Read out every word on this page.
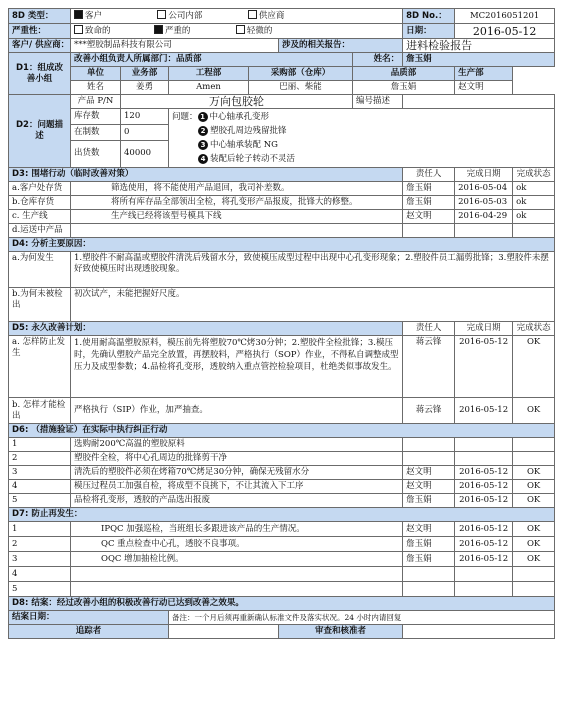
8D 类型：	客户 公司内部 供应商						8D No.：	MC2016051201	
严重性：	致命的 严重的 轻微的						日期：	2016-05-12	
客户/ 供应商：	***塑胶制品科技有限公司				涉及的相关报告：		进料检验报告		
D1：组成改善小组	改善小组负责人所属部门：品质部					姓名：	詹玉娟		
	单位	业务部	工程部	采购部（仓库）		品质部		生产部	
	姓名	姜勇	Amen	巴丽、柴能		詹玉娟		赵文明	
D2：问题描述	产品 P/N	万向包胶轮				编号描述			
	库存数	120	问题： 1 中心轴承孔变形
2 塑胶孔周边残留批锋
3 中心轴承装配 NG
4 装配后轮子转动不灵活						

	在制数	0							
	出货数	40000							
D3: 围堵行动（临时改善对策）							责任人	完成日期	完成状态
a.客户处存货	筛选使用，将不能使用产品退回，我司补差数。						詹玉娟	2016-05-04	ok
b.仓库存货	将所有库存品全部领出全检，将孔变形产品报废，批锋大的修整。						詹玉娟	2016-05-03	ok
c. 生产线	生产线已经将该型号模具下线						赵文明	2016-04-29	ok
d.运送中产品									
D4: 分析主要原因：									
a.为何发生	1.塑胶件不耐高温或塑胶件清洗后残留水分，致使模压成型过程中出现中心孔变形现象；2.塑胶件员工漏剪批锋；3.塑胶件未摆好致使模压时出现透胶现象。								
b.为何未被检出	初次试产，未能把握好尺度。								
D5: 永久改善计划：							责任人	完成日期	完成状态
a. 怎样防止发生	1.使用耐高温塑胶原料，模压前先将塑胶70℃烤30分钟；2.塑胶件全检批锋；3.模压时，先确认塑胶产品完全放置，再摆胶料，严格执行（SOP）作业，不得私自调整成型压力及成型参数；4.品检将孔变形，透胶纳入重点管控检验项目，杜绝类似事故发生。						蒋云锋	2016-05-12	OK
b. 怎样才能检出	严格执行（SIP）作业，加严抽查。						蒋云锋	2016-05-12	OK
D6: （措施验证）在实际中执行纠正行动									
1	选购耐200℃高温的塑胶原料								
2	塑胶件全检，将中心孔周边的批锋剪干净								
3	清洗后的塑胶件必须在烤箱70℃烤足30分钟，确保无残留水分						赵文明	2016-05-12	OK
4	模压过程员工加强自检，将成型不良挑下，不让其流入下工序						赵文明	2016-05-12	OK
5	品检将孔变形，透胶的产品选出报废						詹玉娟	2016-05-12	OK
D7: 防止再发生：									
1	IPQC 加强巡检，当班组长多跟进该产品的生产情况。						赵文明	2016-05-12	OK
2	QC 重点检查中心孔，透胶不良事项。						詹玉娟	2016-05-12	OK
3	OQC 增加抽检比例。						詹玉娟	2016-05-12	OK
4									
5									
D8: 结案：经过改善小组的积极改善行动已达到改善之效果。									
结案日期：			备注：一个月后须再重新确认标准文件及落实状况。24 小时内请回复						
追踪者					审查和核准者				
